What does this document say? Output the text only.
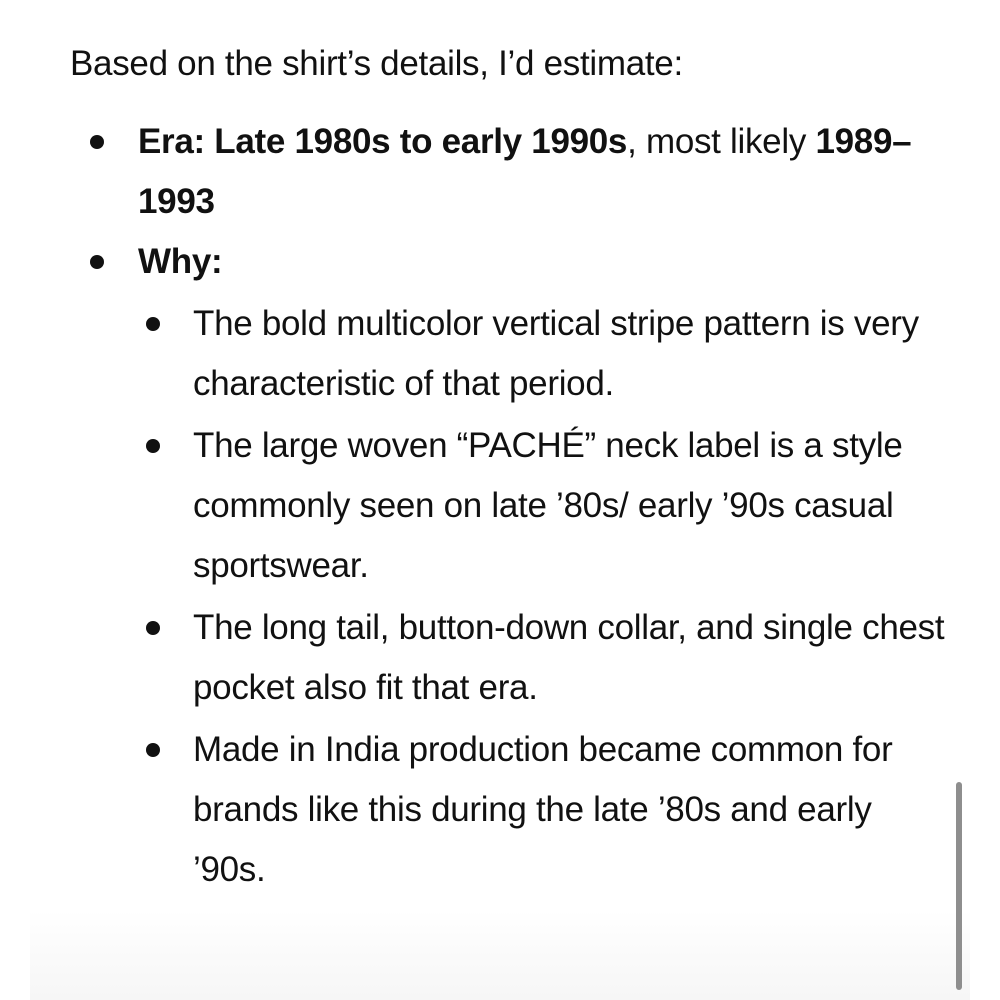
Based on the shirt’s details, I’d estimate:

Era: Late 1980s to early 1990s, most likely 1989–1993
Why:
The bold multicolor vertical stripe pattern is very characteristic of that period.
The large woven “PACHÉ” neck label is a style commonly seen on late ’80s/ early ’90s casual sportswear.
The long tail, button-down collar, and single chest pocket also fit that era.
Made in India production became common for brands like this during the late ’80s and early ’90s.
